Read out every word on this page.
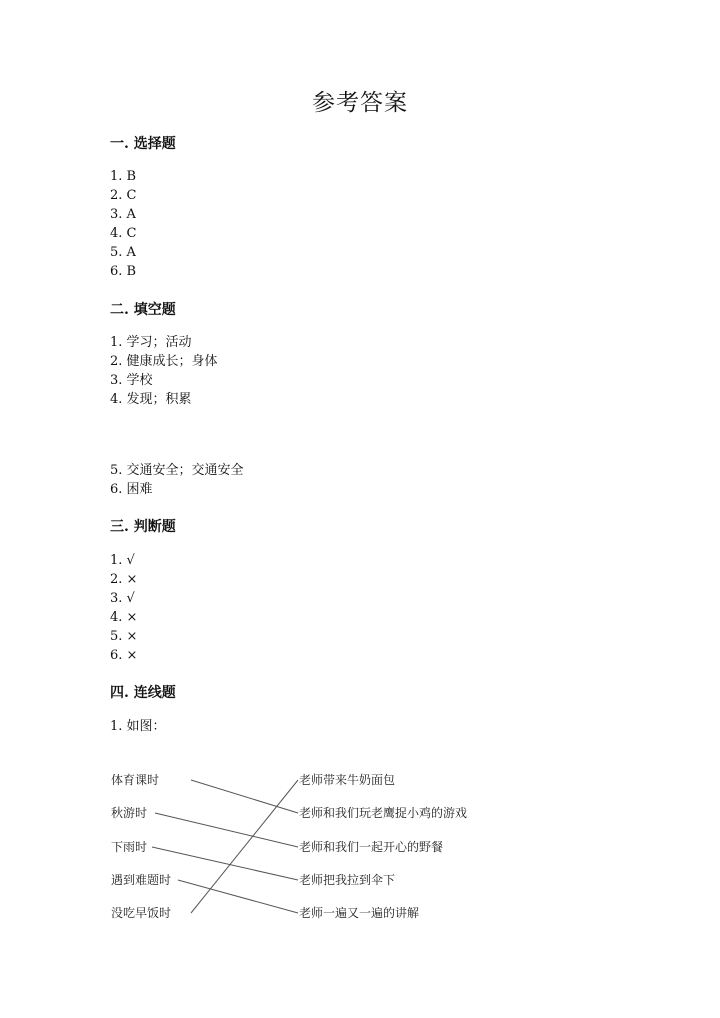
参考答案
一. 选择题
1. B
2. C
3. A
4. C
5. A
6. B
二. 填空题
1. 学习；活动
2. 健康成长；身体
3. 学校
4. 发现；积累
5. 交通安全；交通安全
6. 困难
三. 判断题
1. √
2. ×
3. √
4. ×
5. ×
6. ×
四. 连线题
1. 如图：
体育课时
秋游时
下雨时
遇到难题时
没吃早饭时
老师带来牛奶面包
老师和我们玩老鹰捉小鸡的游戏
老师和我们一起开心的野餐
老师把我拉到伞下
老师一遍又一遍的讲解
